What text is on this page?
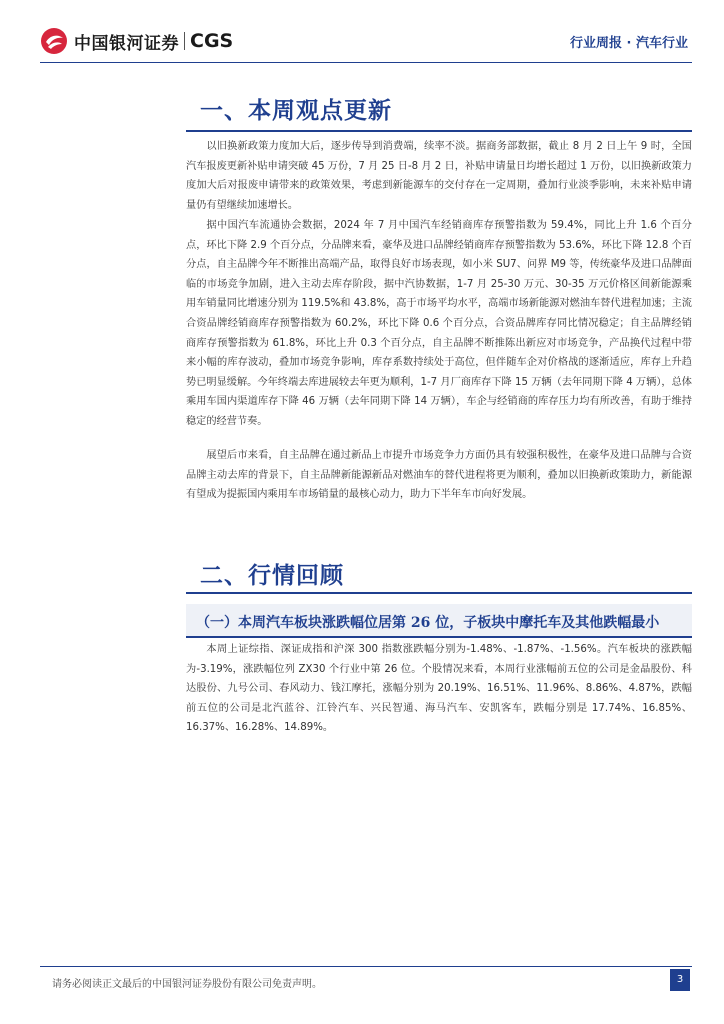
中国银河证券 CGS	行业周报 · 汽车行业
一、本周观点更新

以旧换新政策力度加大后，逐步传导到消费端，续率不淡。据商务部数据，截止 8 月 2 日上午 9 时，全国汽车报废更新补贴申请突破 45 万份，7 月 25 日-8 月 2 日，补贴申请量日均增长超过 1 万份，以旧换新政策力度加大后对报废申请带来的政策效果，考虑到新能源车的交付存在一定周期，叠加行业淡季影响，未来补贴申请量仍有望继续加速增长。

据中国汽车流通协会数据，2024 年 7 月中国汽车经销商库存预警指数为 59.4%，同比上升 1.6 个百分点，环比下降 2.9 个百分点，分品牌来看，豪华及进口品牌经销商库存预警指数为 53.6%，环比下降 12.8 个百分点，自主品牌今年不断推出高端产品，取得良好市场表现，如小米 SU7、问界 M9 等，传统豪华及进口品牌面临的市场竞争加剧，进入主动去库存阶段，据中汽协数据，1-7 月 25-30 万元、30-35 万元价格区间新能源乘用车销量同比增速分别为 119.5%和 43.8%，高于市场平均水平，高端市场新能源对燃油车替代进程加速；主流合资品牌经销商库存预警指数为 60.2%，环比下降 0.6 个百分点，合资品牌库存同比情况稳定；自主品牌经销商库存预警指数为 61.8%，环比上升 0.3 个百分点，自主品牌不断推陈出新应对市场竞争，产品换代过程中带来小幅的库存波动，叠加市场竞争影响，库存系数持续处于高位，但伴随车企对价格战的逐渐适应，库存上升趋势已明显缓解。今年终端去库进展较去年更为顺利，1-7 月厂商库存下降 15 万辆（去年同期下降 4 万辆），总体乘用车国内渠道库存下降 46 万辆（去年同期下降 14 万辆），车企与经销商的库存压力均有所改善，有助于维持稳定的经营节奏。

展望后市来看，自主品牌在通过新品上市提升市场竞争力方面仍具有较强积极性，在豪华及进口品牌与合资品牌主动去库的背景下，自主品牌新能源新品对燃油车的替代进程将更为顺利，叠加以旧换新政策助力，新能源有望成为提振国内乘用车市场销量的最核心动力，助力下半年车市向好发展。

二、行情回顾
（一）本周汽车板块涨跌幅位居第 26 位，子板块中摩托车及其他跌幅最小

本周上证综指、深证成指和沪深 300 指数涨跌幅分别为-1.48%、-1.87%、-1.56%。汽车板块的涨跌幅为-3.19%，涨跌幅位列 ZX30 个行业中第 26 位。个股情况来看，本周行业涨幅前五位的公司是金晶股份、科达股份、九号公司、春风动力、钱江摩托，涨幅分别为 20.19%、16.51%、11.96%、8.86%、4.87%，跌幅前五位的公司是北汽蓝谷、江铃汽车、兴民智通、海马汽车、安凯客车，跌幅分别是 17.74%、16.85%、16.37%、16.28%、14.89%。

请务必阅读正文最后的中国银河证券股份有限公司免责声明。	3
